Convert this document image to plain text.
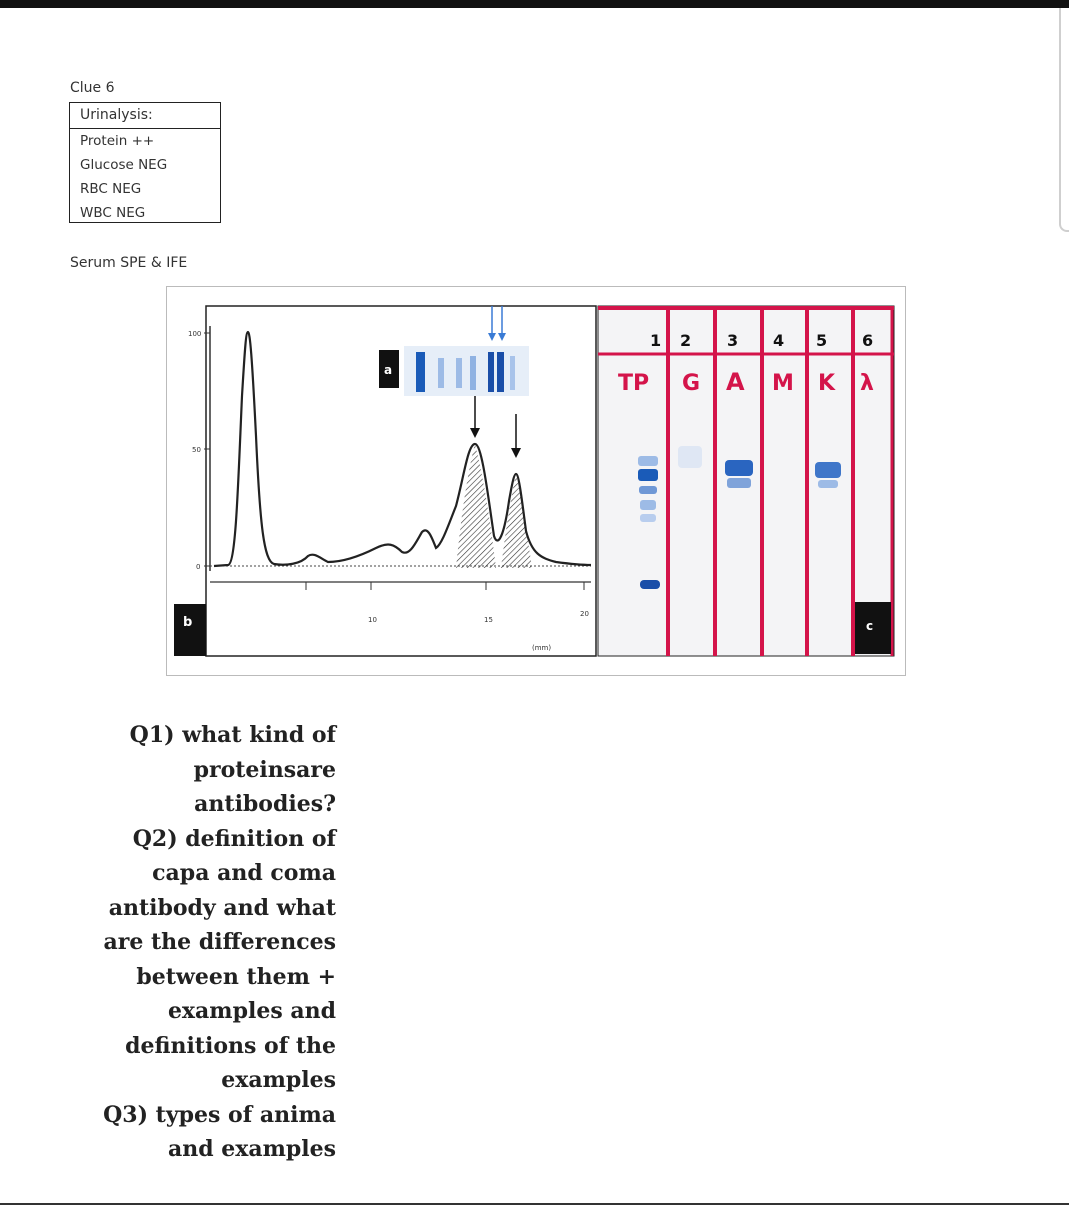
Clue 6
Urinalysis:
Protein ++
Glucose NEG
RBC NEG
WBC NEG
Serum SPE & IFE
100
50
0
10	15
20
(mm)
a
b
1 2 3 4 5 6
TP G A M K λ
c
Q1) what kind of
proteinsare
antibodies?
Q2) definition of
capa and coma
antibody and what
are the differences
between them +
examples and
definitions of the
examples
Q3) types of anima
and examples
